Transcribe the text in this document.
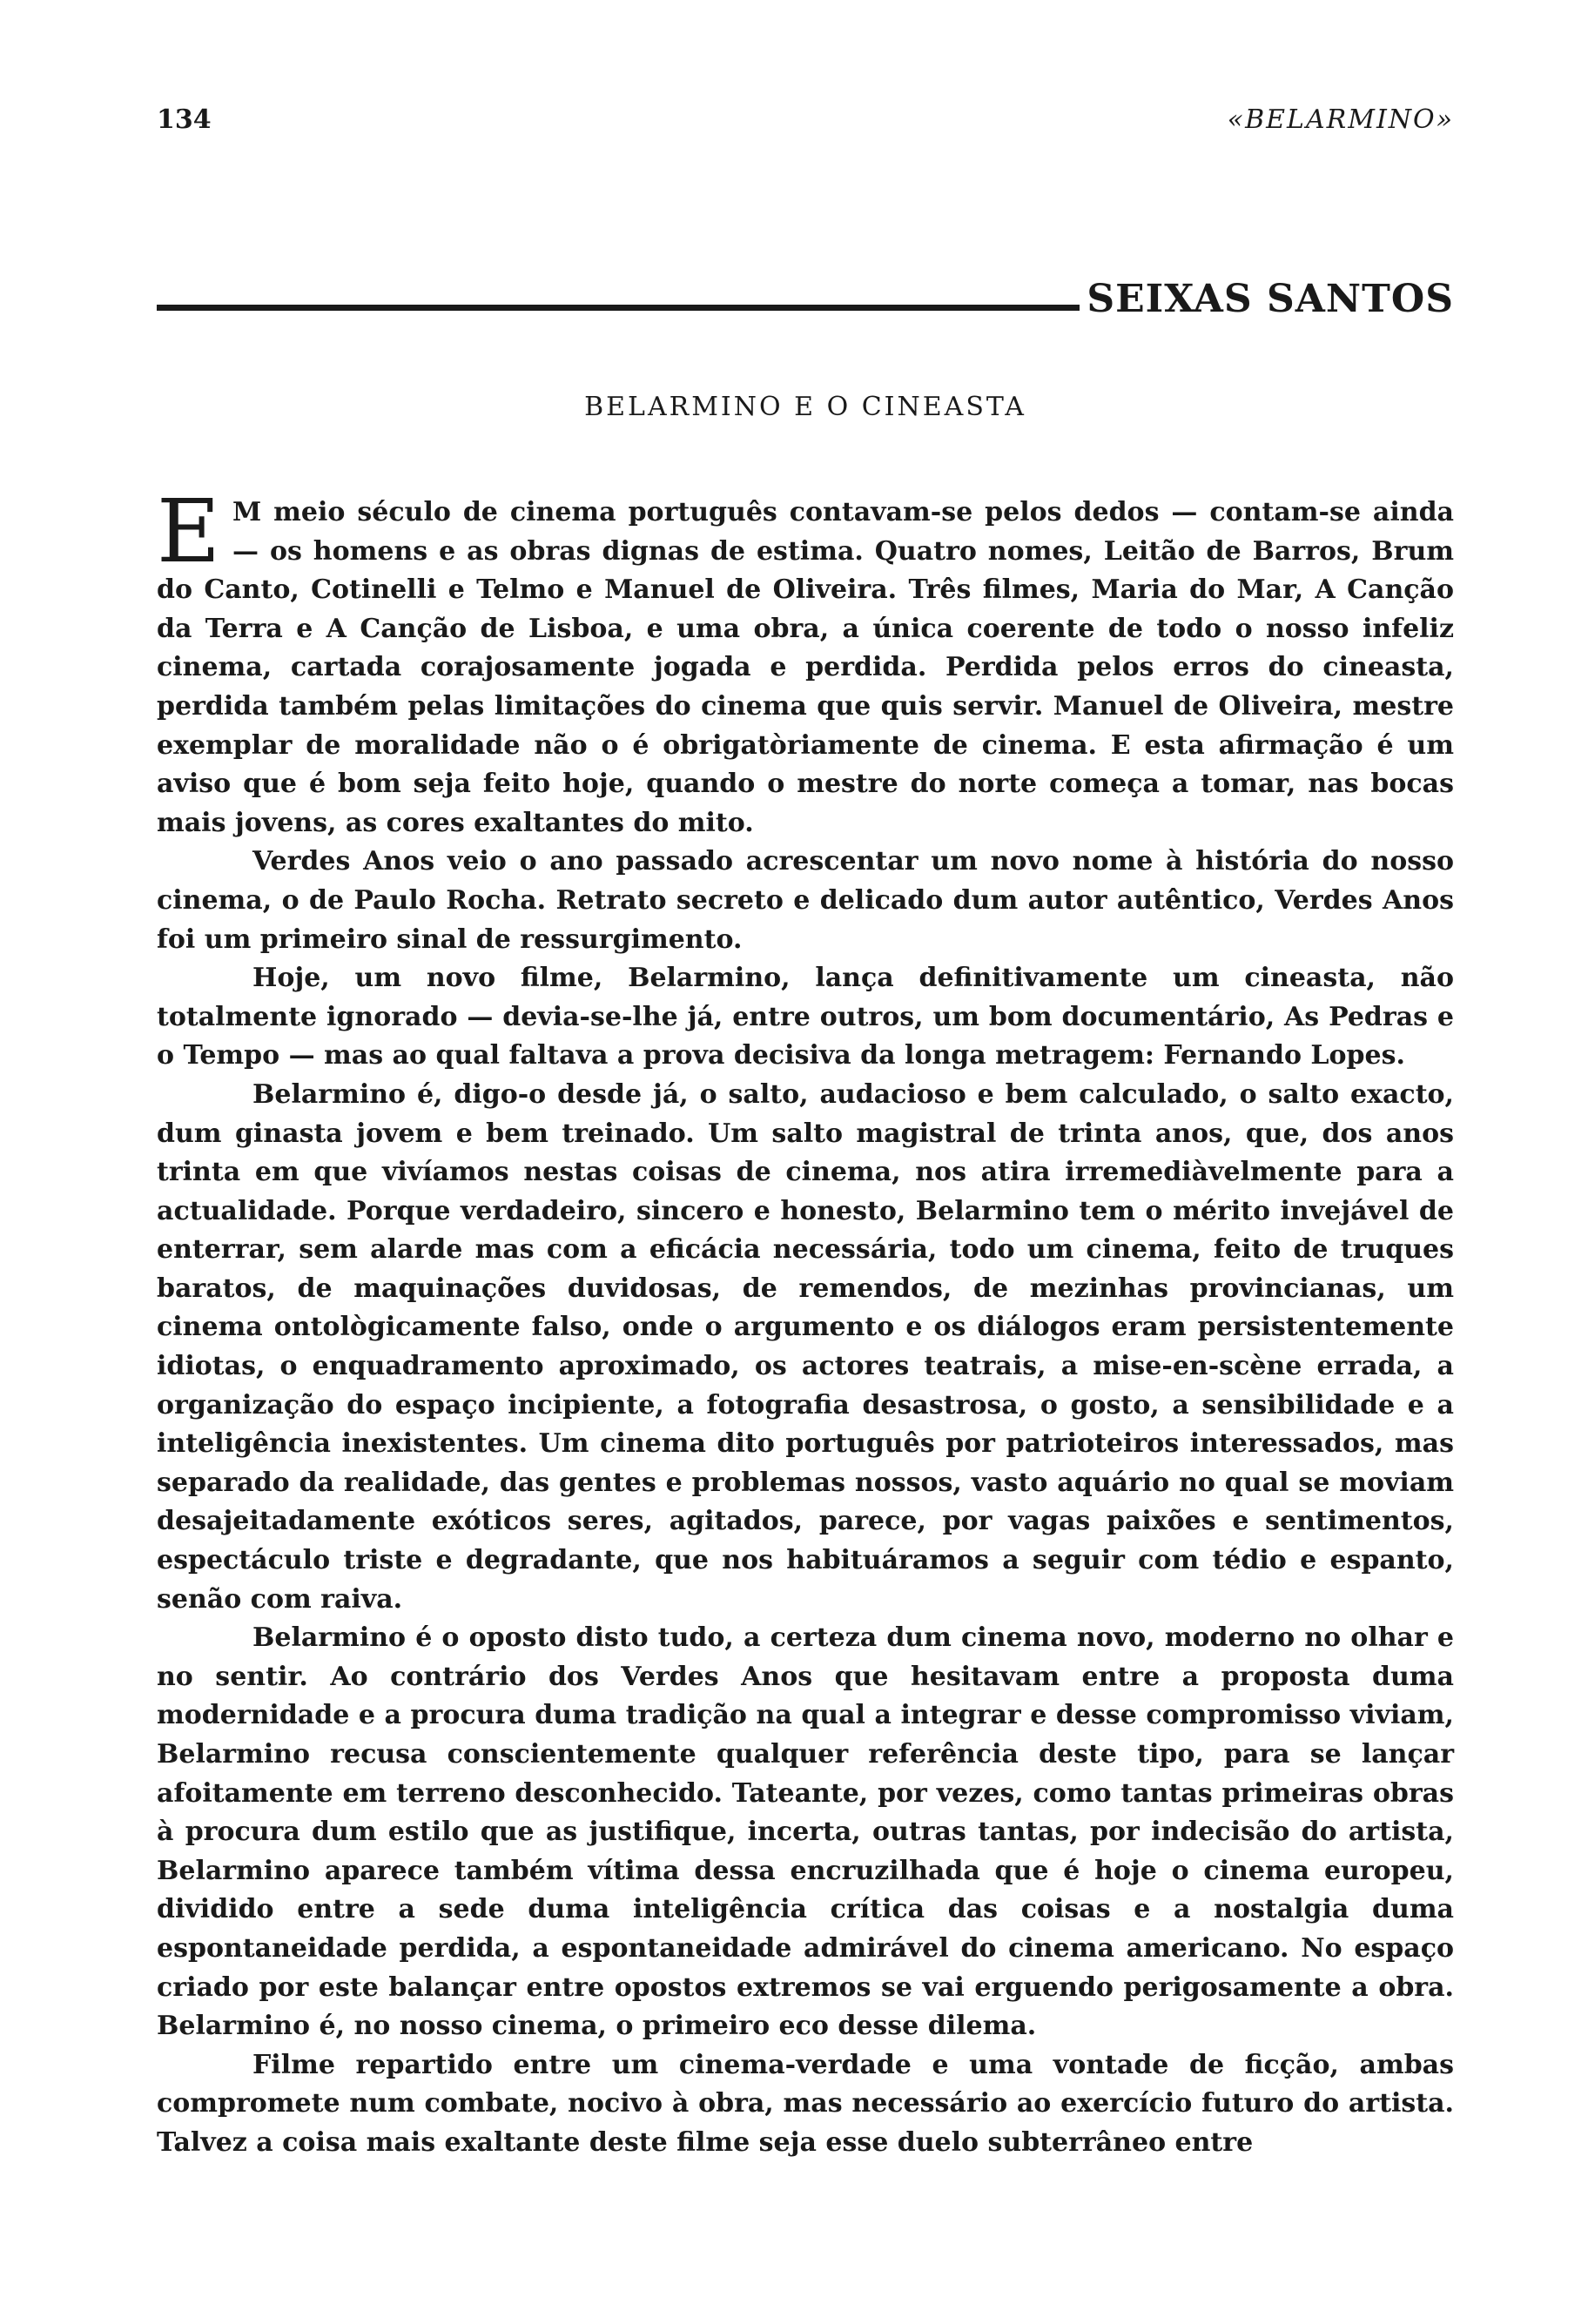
134	«BELARMINO»
SEIXAS SANTOS
BELARMINO E O CINEASTA

E M meio século de cinema português contavam-se pelos dedos — contam-se ainda — os homens e as obras dignas de estima. Quatro nomes, Leitão de Barros, Brum do Canto, Cotinelli e Telmo e Manuel de Oliveira. Três filmes, Maria do Mar, A Canção da Terra e A Canção de Lisboa, e uma obra, a única coerente de todo o nosso infeliz cinema, cartada corajosamente jogada e perdida. Perdida pelos erros do cineasta, perdida também pelas limitações do cinema que quis servir. Manuel de Oliveira, mestre exemplar de moralidade não o é obrigatòriamente de cinema. E esta afirmação é um aviso que é bom seja feito hoje, quando o mestre do norte começa a tomar, nas bocas mais jovens, as cores exaltantes do mito.

Verdes Anos veio o ano passado acrescentar um novo nome à história do nosso cinema, o de Paulo Rocha. Retrato secreto e delicado dum autor autêntico, Verdes Anos foi um primeiro sinal de ressurgimento.

Hoje, um novo filme, Belarmino, lança definitivamente um cineasta, não totalmente ignorado — devia-se-lhe já, entre outros, um bom documentário, As Pedras e o Tempo — mas ao qual faltava a prova decisiva da longa metragem: Fernando Lopes.

Belarmino é, digo-o desde já, o salto, audacioso e bem calculado, o salto exacto, dum ginasta jovem e bem treinado. Um salto magistral de trinta anos, que, dos anos trinta em que vivíamos nestas coisas de cinema, nos atira irremediàvelmente para a actualidade. Porque verdadeiro, sincero e honesto, Belarmino tem o mérito invejável de enterrar, sem alarde mas com a eficácia necessária, todo um cinema, feito de truques baratos, de maquinações duvidosas, de remendos, de mezinhas provincianas, um cinema ontològicamente falso, onde o argumento e os diálogos eram persistentemente idiotas, o enquadramento aproximado, os actores teatrais, a mise-en-scène errada, a organização do espaço incipiente, a fotografia desastrosa, o gosto, a sensibilidade e a inteligência inexistentes. Um cinema dito português por patrioteiros interessados, mas separado da realidade, das gentes e problemas nossos, vasto aquário no qual se moviam desajeitadamente exóticos seres, agitados, parece, por vagas paixões e sentimentos, espectáculo triste e degradante, que nos habituáramos a seguir com tédio e espanto, senão com raiva.

Belarmino é o oposto disto tudo, a certeza dum cinema novo, moderno no olhar e no sentir. Ao contrário dos Verdes Anos que hesitavam entre a proposta duma modernidade e a procura duma tradição na qual a integrar e desse compromisso viviam, Belarmino recusa conscientemente qualquer referência deste tipo, para se lançar afoitamente em terreno desconhecido. Tateante, por vezes, como tantas primeiras obras à procura dum estilo que as justifique, incerta, outras tantas, por indecisão do artista, Belarmino aparece também vítima dessa encruzilhada que é hoje o cinema europeu, dividido entre a sede duma inteligência crítica das coisas e a nostalgia duma espontaneidade perdida, a espontaneidade admirável do cinema americano. No espaço criado por este balançar entre opostos extremos se vai erguendo perigosamente a obra. Belarmino é, no nosso cinema, o primeiro eco desse dilema.

Filme repartido entre um cinema-verdade e uma vontade de ficção, ambas compromete num combate, nocivo à obra, mas necessário ao exercício futuro do artista. Talvez a coisa mais exaltante deste filme seja esse duelo subterrâneo entre
